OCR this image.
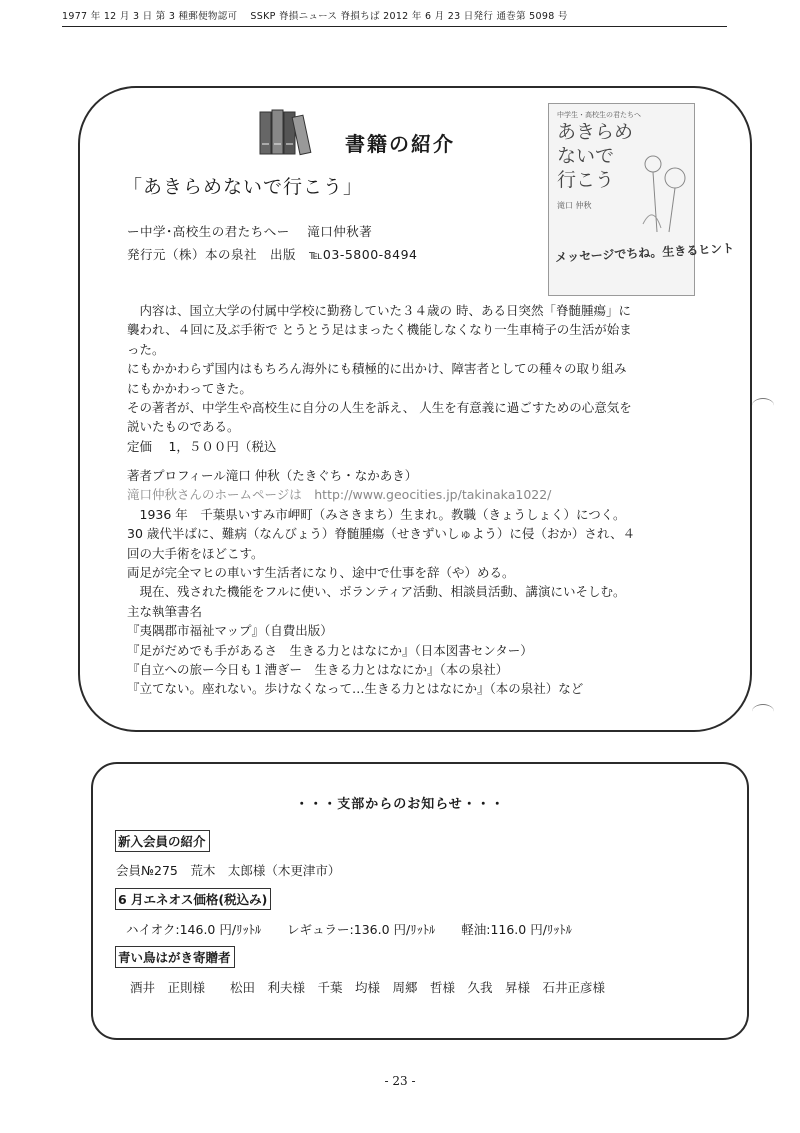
1977 年 12 月 3 日 第 3 種郵便物認可　 SSKP 脊損ニュース 脊損ちば 2012 年 6 月 23 日発行 通巻第 5098 号
書籍の紹介
「あきらめないで行こう」
ー中学･高校生の君たちへー　 滝口仲秋著
発行元（株）本の泉社　出版　℡03-5800-8494
中学生・高校生の君たちへ
あきらめ
ないで
行こう
滝口 仲秋
メッセージでちね。生きるヒント
　内容は、国立大学の付属中学校に勤務していた３４歳の 時、ある日突然「脊髄腫瘍」に
襲われ、４回に及ぶ手術で とうとう足はまったく機能しなくなり一生車椅子の生活が始ま
った。
にもかかわらず国内はもちろん海外にも積極的に出かけ、障害者としての種々の取り組み
にもかかわってきた。
その著者が、中学生や高校生に自分の人生を訴え、 人生を有意義に過ごすための心意気を
説いたものである。
定価　 1，５００円（税込
著者プロフィール滝口 仲秋（たきぐち・なかあき）
滝口仲秋さんのホームページは　http://www.geocities.jp/takinaka1022/
　1936 年　千葉県いすみ市岬町（みさきまち）生まれ。教職（きょうしょく）につく。
30 歳代半ばに、難病（なんびょう）脊髄腫瘍（せきずいしゅよう）に侵（おか）され、４
回の大手術をほどこす。
両足が完全マヒの車いす生活者になり、途中で仕事を辞（や）める。
　現在、残された機能をフルに使い、ボランティア活動、相談員活動、講演にいそしむ。
主な執筆書名
『夷隅郡市福祉マップ』（自費出版）
『足がだめでも手があるさ　生きる力とはなにか』（日本図書センター）
『自立への旅ー今日も１漕ぎー　生きる力とはなにか』（本の泉社）
『立てない。座れない。歩けなくなって…生きる力とはなにか』（本の泉社）など
・・・支部からのお知らせ・・・
新入会員の紹介
会員№275　荒木　太郎様（木更津市）
6 月エネオス価格(税込み)
ハイオク:146.0 円/ﾘｯﾄﾙ レギュラー:136.0 円/ﾘｯﾄﾙ 軽油:116.0 円/ﾘｯﾄﾙ
青い鳥はがき寄贈者
酒井　正則様　　松田　利夫様　千葉　均様　周郷　哲様　久我　昇様　石井正彦様
- 23 -
